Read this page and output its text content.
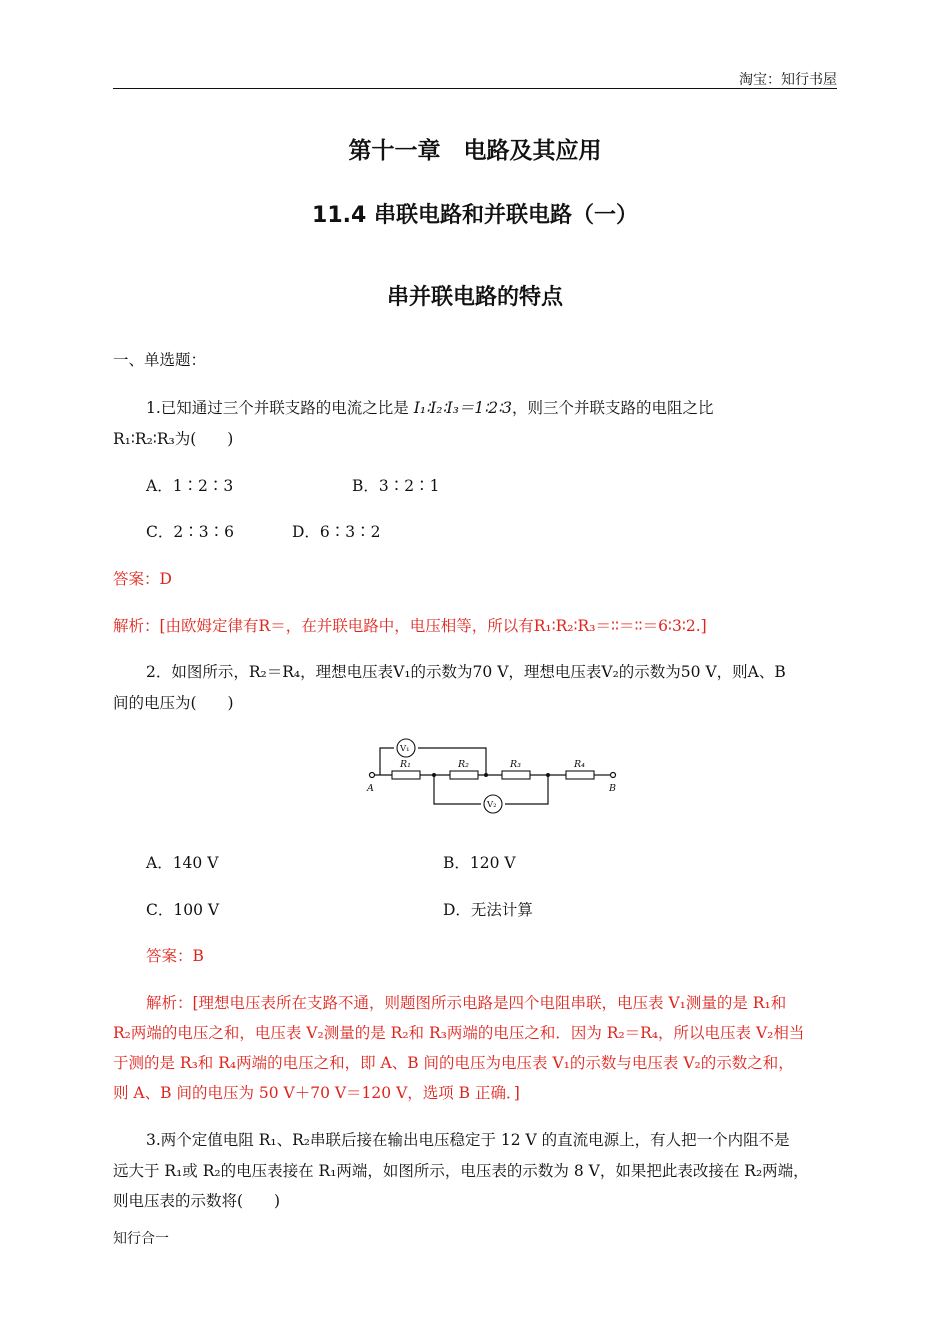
淘宝：知行书屋
第十一章　电路及其应用
11.4 串联电路和并联电路（一）
串并联电路的特点
一、单选题：
1.已知通过三个并联支路的电流之比是 I₁∶I₂∶I₃＝1∶2∶3，则三个并联支路的电阻之比
R₁∶R₂∶R₃为(　　)
A．1∶2∶3	B．3∶2∶1
C．2∶3∶6	D．6∶3∶2
答案：D
解析：[由欧姆定律有R＝，在并联电路中，电压相等，所以有R₁∶R₂∶R₃＝∶∶＝∶∶＝6∶3∶2.]
2．如图所示，R₂＝R₄，理想电压表V₁的示数为70 V，理想电压表V₂的示数为50 V，则A、B
间的电压为(　　)
R₁	R₂	R₃	R₄
A	B
V₁
V₂
A．140 V	B．120 V
C．100 V	D．无法计算
答案：B
解析：[理想电压表所在支路不通，则题图所示电路是四个电阻串联，电压表 V₁测量的是 R₁和
R₂两端的电压之和，电压表 V₂测量的是 R₂和 R₃两端的电压之和．因为 R₂＝R₄，所以电压表 V₂相当
于测的是 R₃和 R₄两端的电压之和，即 A、B 间的电压为电压表 V₁的示数与电压表 V₂的示数之和，
则 A、B 间的电压为 50 V＋70 V＝120 V，选项 B 正确．]
3.两个定值电阻 R₁、R₂串联后接在输出电压稳定于 12 V 的直流电源上，有人把一个内阻不是
远大于 R₁或 R₂的电压表接在 R₁两端，如图所示，电压表的示数为 8 V，如果把此表改接在 R₂两端，
则电压表的示数将(　　)
知行合一
